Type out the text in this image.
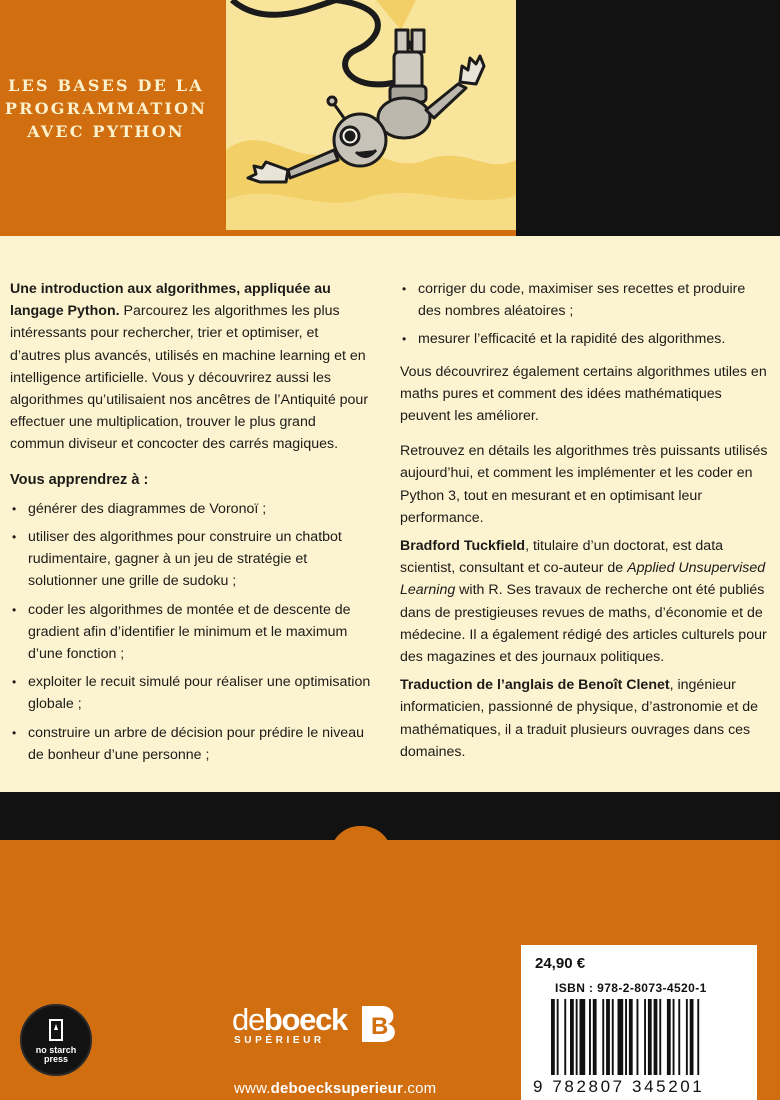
LES BASES DE LA
PROGRAMMATION
AVEC PYTHON

Une introduction aux algorithmes, appliquée au langage Python. Parcourez les algorithmes les plus intéressants pour rechercher, trier et optimiser, et d’autres plus avancés, utilisés en machine learning et en intelligence artificielle. Vous y découvrirez aussi les algorithmes qu’utilisaient nos ancêtres de l’Antiquité pour effectuer une multiplication, trouver le plus grand commun diviseur et concocter des carrés magiques.

Vous apprendrez à :
• générer des diagrammes de Voronoï ;
• utiliser des algorithmes pour construire un chatbot rudimentaire, gagner à un jeu de stratégie et solutionner une grille de sudoku ;
• coder les algorithmes de montée et de descente de gradient afin d’identifier le minimum et le maximum d’une fonction ;
• exploiter le recuit simulé pour réaliser une optimisation globale ;
• construire un arbre de décision pour prédire le niveau de bonheur d’une personne ;
• corriger du code, maximiser ses recettes et produire des nombres aléatoires ;
• mesurer l’efficacité et la rapidité des algorithmes.

Vous découvrirez également certains algorithmes utiles en maths pures et comment des idées mathématiques peuvent les améliorer.

Retrouvez en détails les algorithmes très puissants utilisés aujourd’hui, et comment les implémenter et les coder en Python 3, tout en mesurant et en optimisant leur performance.

Bradford Tuckfield, titulaire d’un doctorat, est data scientist, consultant et co-auteur de Applied Unsupervised Learning with R. Ses travaux de recherche ont été publiés dans de prestigieuses revues de maths, d’économie et de médecine. Il a également rédigé des articles culturels pour des magazines et des journaux politiques.

Traduction de l’anglais de Benoît Clenet, ingénieur informaticien, passionné de physique, d’astronomie et de mathématiques, il a traduit plusieurs ouvrages dans ces domaines.

no starch
press
deboeck B
SUPÉRIEUR
www.deboecksuperieur.com
24,90 €
ISBN : 978-2-8073-4520-1
9 782807 345201
